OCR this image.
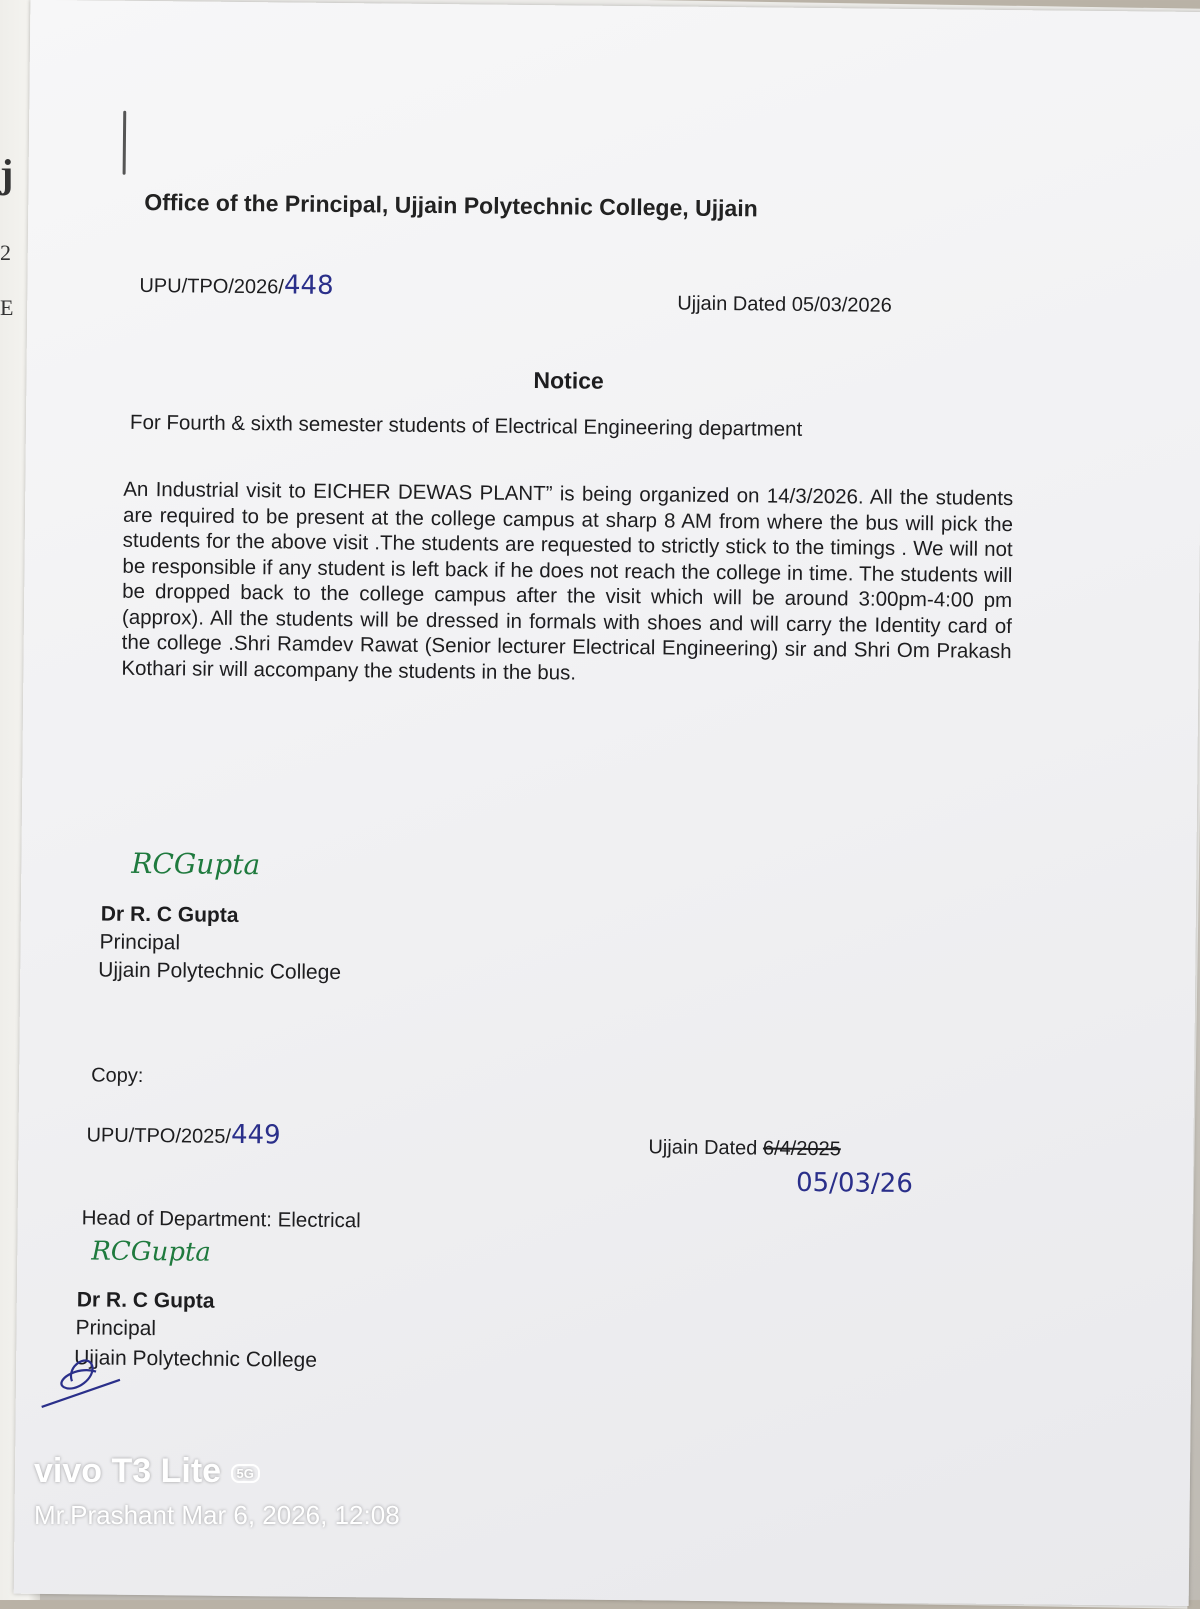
j
2
E
Office of the Principal, Ujjain Polytechnic College, Ujjain
UPU/TPO/2026/448
Ujjain Dated 05/03/2026
Notice
For Fourth & sixth semester students of Electrical Engineering department
An Industrial visit to EICHER DEWAS PLANT” is being organized on 14/3/2026. All the students are required to be present at the college campus at sharp 8 AM from where the bus will pick the students for the above visit .The students are requested to strictly stick to the timings . We will not be responsible if any student is left back if he does not reach the college in time. The students will be dropped back to the college campus after the visit which will be around 3:00pm-4:00 pm (approx). All the students will be dressed in formals with shoes and will carry the Identity card of the college .Shri Ramdev Rawat (Senior lecturer Electrical Engineering) sir and Shri Om Prakash Kothari sir will accompany the students in the bus.
RCGupta
Dr R. C Gupta
Principal
Ujjain Polytechnic College
Copy:
UPU/TPO/2025/449	Ujjain Dated 6/4/2025
05/03/26
Head of Department: Electrical
RCGupta
Dr R. C Gupta
Principal
Ujjain Polytechnic College
vivo T3 Lite 5G
Mr.Prashant Mar 6, 2026, 12:08
